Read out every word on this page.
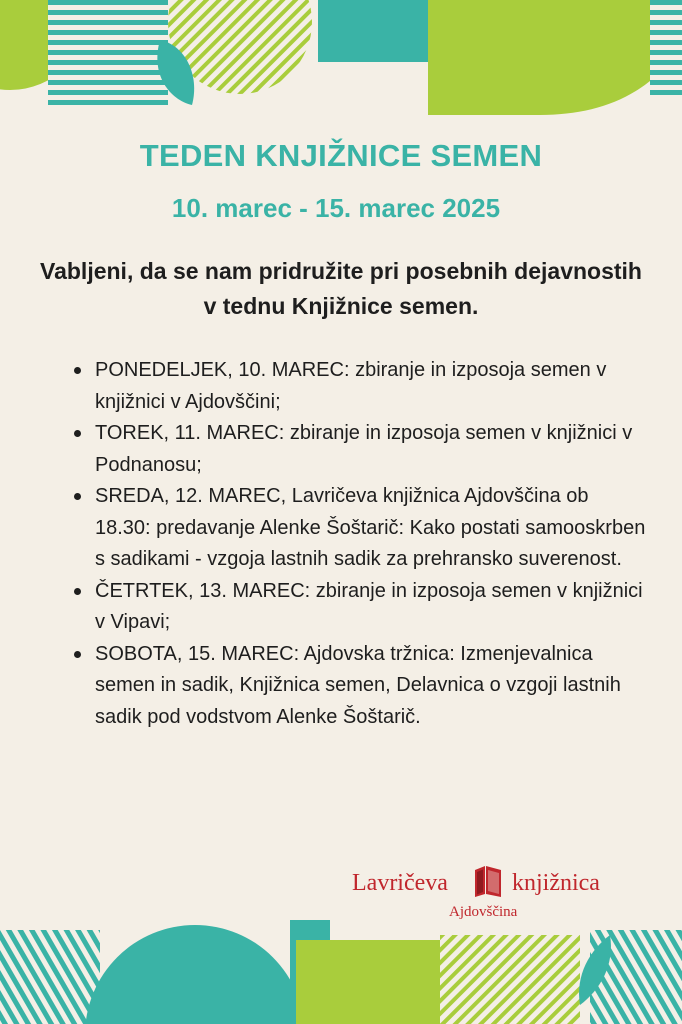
TEDEN KNJIŽNICE SEMEN
10. marec - 15. marec 2025
Vabljeni, da se nam pridružite pri posebnih dejavnostih v tednu Knjižnice semen.
PONEDELJEK, 10. MAREC: zbiranje in izposoja semen v knjižnici v Ajdovščini;
TOREK, 11. MAREC: zbiranje in izposoja semen v knjižnici v Podnanosu;
SREDA, 12. MAREC, Lavričeva knjižnica Ajdovščina ob 18.30: predavanje Alenke Šoštarič: Kako postati samooskrben s sadikami - vzgoja lastnih sadik za prehransko suverenost.
ČETRTEK, 13. MAREC: zbiranje in izposoja semen v knjižnici v Vipavi;
SOBOTA, 15. MAREC: Ajdovska tržnica: Izmenjevalnica semen in sadik, Knjižnica semen, Delavnica o vzgoji lastnih sadik pod vodstvom Alenke Šoštarič.
Lavričeva	knjižnica
Ajdovščina
